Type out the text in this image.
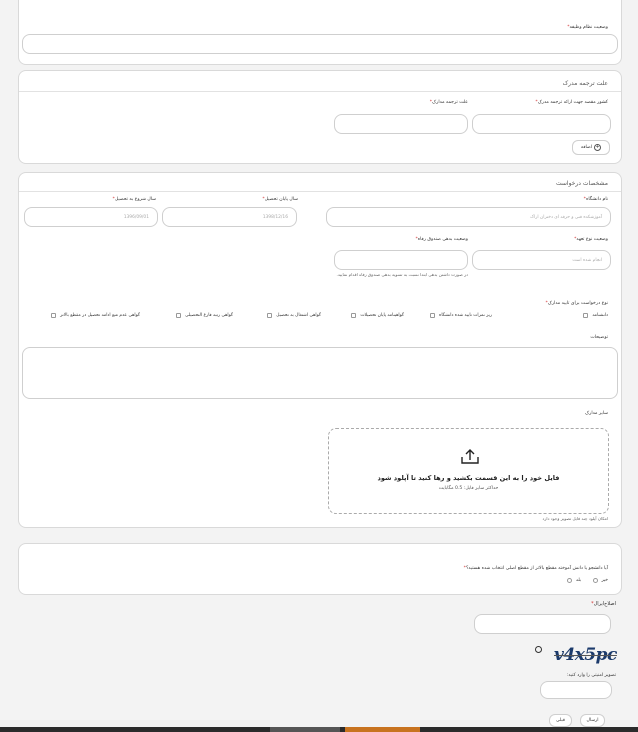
وضعیت نظام وظیفه*
علت ترجمه مدرک
کشور مقصد جهت ارائه ترجمه مدرک*
علت ترجمه مدارک*
+
اضافه
مشخصات درخواست
نام دانشگاه*
سال پایان تحصیل*
سال شروع به تحصیل*
آموزشکده فنی و حرفه ای دختران اراک
1398/12/16
1396/09/01
وضعیت نوع تعهد*
وضعیت بدهی صندوق رفاه*
انجام شده است
در صورت داشتن بدهی ابتدا نسبت به تسویه بدهی صندوق رفاه اقدام نمایید.
نوع درخواست برای تایید مدارک*
دانشنامه
ریز نمرات تایید شده دانشگاه
گواهینامه پایان تحصیلات
گواهی اشتغال به تحصیل
گواهی رتبه فارغ التحصیلی
گواهی عدم منع ادامه تحصیل در مقطع بالاتر
توضیحات
سایر مدارک
فایل خود را به این قسمت بکشید و رها کنید تا آپلود شود
حداکثر سایز فایل: 0.5 مگابایت
امکان آپلود چند فایل تصویر وجود دارد
آیا دانشجو یا دانش آموخته مقطع بالاتر از مقطع اصلی انتخاب شده هستید؟*
خیر
بله
اصلاح‌ایرال*
v4x5pc
تصویر امنیتی را وارد کنید:
ارسال
قبلی
